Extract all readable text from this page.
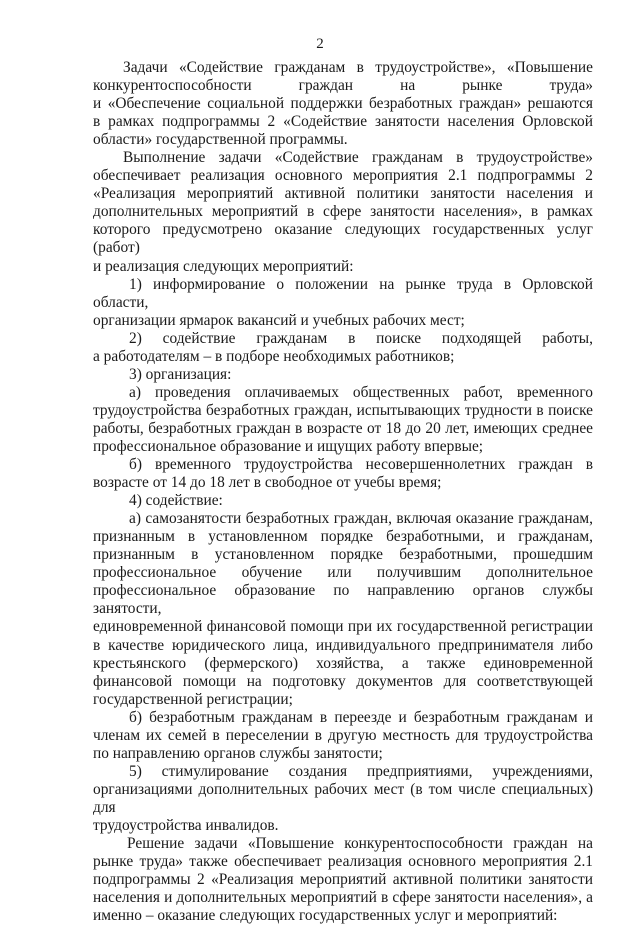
2

Задачи «Содействие гражданам в трудоустройстве», «Повышение

конкурентоспособности граждан на рынке труда»

и «Обеспечение социальной поддержки безработных граждан» решаются

в рамках подпрограммы 2 «Содействие занятости населения Орловской

области» государственной программы.

Выполнение задачи «Содействие гражданам в трудоустройстве»

обеспечивает реализация основного мероприятия 2.1 подпрограммы 2

«Реализация мероприятий активной политики занятости населения и

дополнительных мероприятий в сфере занятости населения», в рамках

которого предусмотрено оказание следующих государственных услуг (работ)

и реализация следующих мероприятий:

1) информирование о положении на рынке труда в Орловской области,

организации ярмарок вакансий и учебных рабочих мест;

2) содействие гражданам в поиске подходящей работы,

а работодателям – в подборе необходимых работников;

3) организация:

а) проведения оплачиваемых общественных работ, временного

трудоустройства безработных граждан, испытывающих трудности в поиске

работы, безработных граждан в возрасте от 18 до 20 лет, имеющих среднее

профессиональное образование и ищущих работу впервые;

б) временного трудоустройства несовершеннолетних граждан в

возрасте от 14 до 18 лет в свободное от учебы время;

4) содействие:

а) самозанятости безработных граждан, включая оказание гражданам,

признанным в установленном порядке безработными, и гражданам,

признанным в установленном порядке безработными, прошедшим

профессиональное обучение или получившим дополнительное

профессиональное образование по направлению органов службы занятости,

единовременной финансовой помощи при их государственной регистрации

в качестве юридического лица, индивидуального предпринимателя либо

крестьянского (фермерского) хозяйства, а также единовременной

финансовой помощи на подготовку документов для соответствующей

государственной регистрации;

б) безработным гражданам в переезде и безработным гражданам и

членам их семей в переселении в другую местность для трудоустройства

по направлению органов службы занятости;

5) стимулирование создания предприятиями, учреждениями,

организациями дополнительных рабочих мест (в том числе специальных) для

трудоустройства инвалидов.

Решение задачи «Повышение конкурентоспособности граждан на

рынке труда» также обеспечивает реализация основного мероприятия 2.1

подпрограммы 2 «Реализация мероприятий активной политики занятости

населения и дополнительных мероприятий в сфере занятости населения», а

именно – оказание следующих государственных услуг и мероприятий:
